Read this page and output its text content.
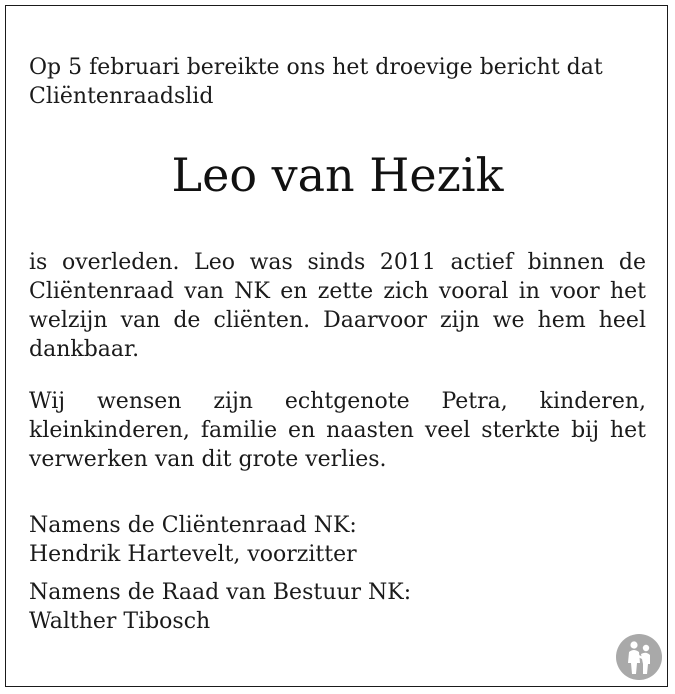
Op 5 februari bereikte ons het droevige bericht dat
Cliëntenraadslid
Leo van Hezik
is overleden. Leo was sinds 2011 actief binnen de Cliëntenraad van NK en zette zich vooral in voor het welzijn van de cliënten. Daarvoor zijn we hem heel dankbaar.
Wij wensen zijn echtgenote Petra, kinderen, kleinkinderen, familie en naasten veel sterkte bij het verwerken van dit grote verlies.
Namens de Cliëntenraad NK:
Hendrik Hartevelt, voorzitter
Namens de Raad van Bestuur NK:
Walther Tibosch
